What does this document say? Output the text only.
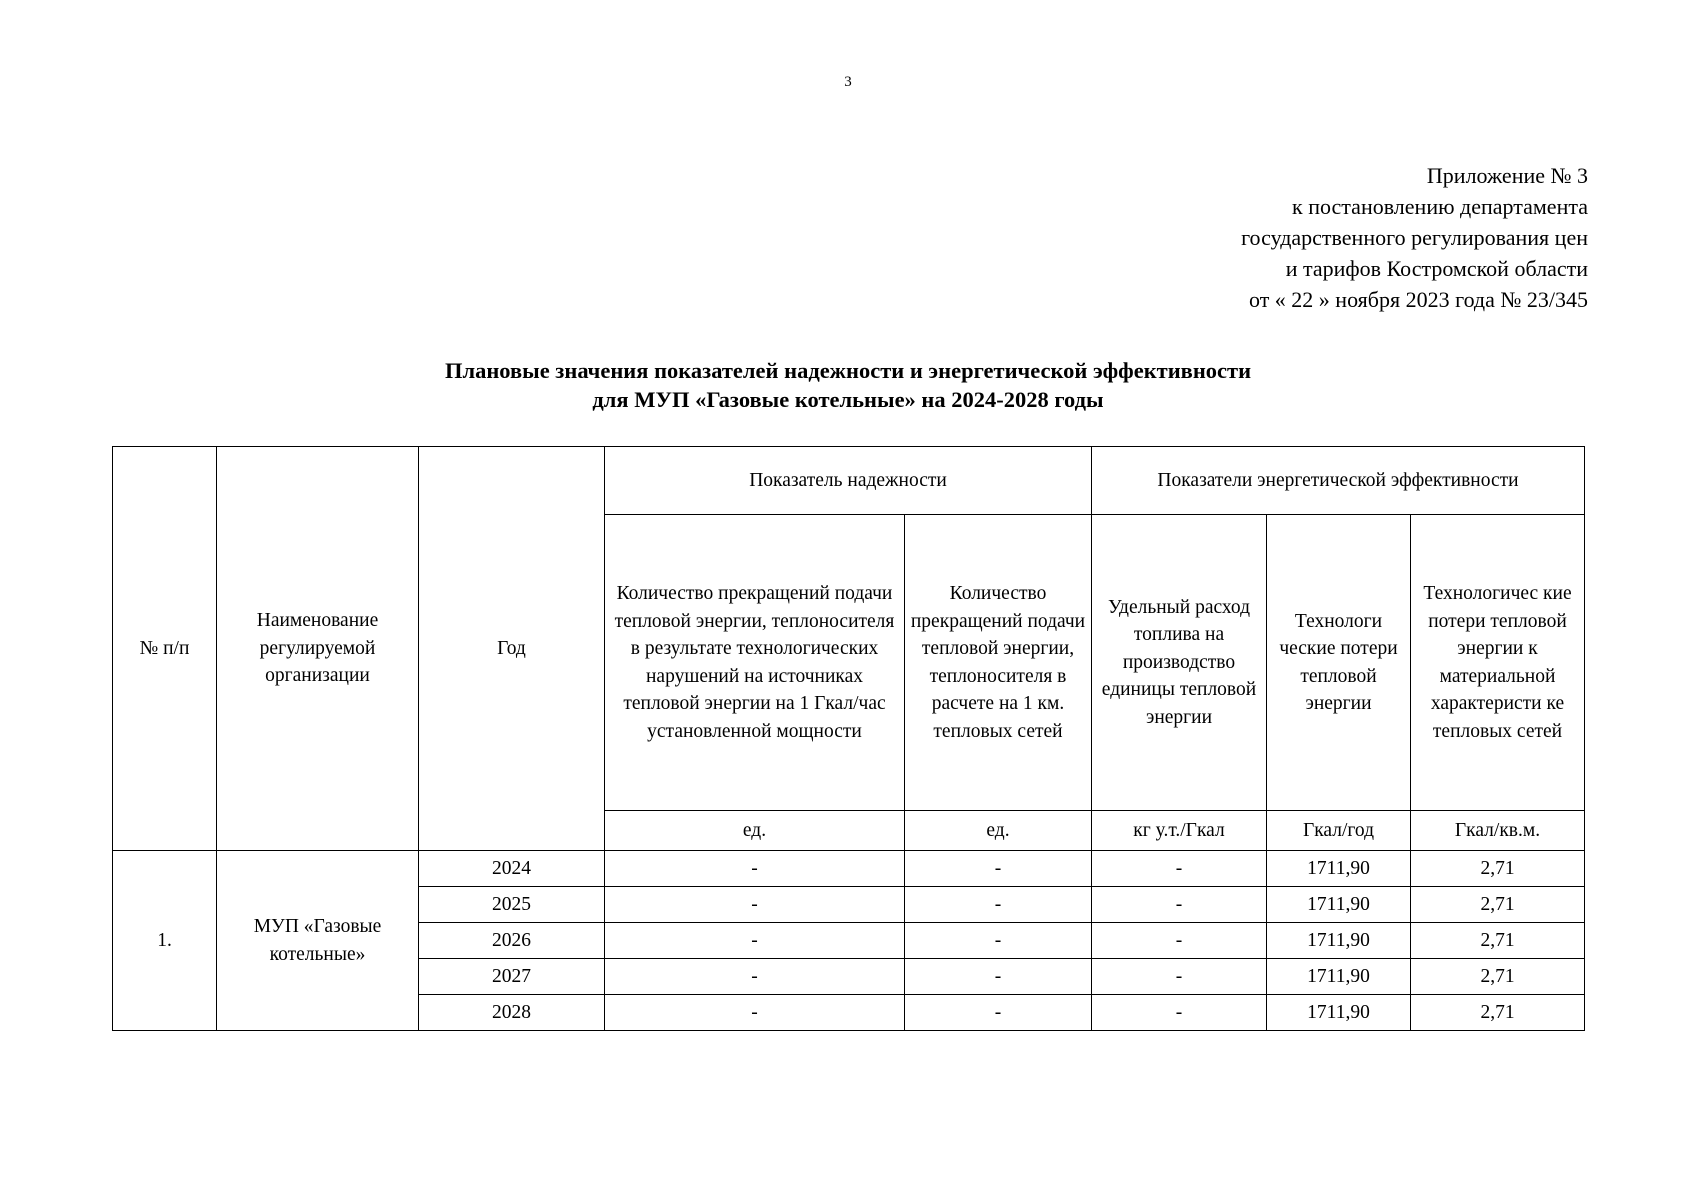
3
Приложение № 3
к постановлению департамента
государственного регулирования цен
и тарифов Костромской области
от « 22 » ноября 2023 года № 23/345
Плановые значения показателей надежности и энергетической эффективности
для МУП «Газовые котельные» на 2024-2028 годы
№ п/п	Наименование регулируемой организации	Год	Показатель надежности		Показатели энергетической эффективности		
			Количество прекращений подачи тепловой энергии, теплоносителя в результате технологических нарушений на источниках тепловой энергии на 1 Гкал/час установленной мощности	Количество прекращений подачи тепловой энергии, теплоносителя в расчете на 1 км. тепловых сетей	Удельный расход топлива на производство единицы тепловой энергии	Технологи ческие потери тепловой энергии	Технологичес кие потери тепловой энергии к материальной характеристи ке тепловых сетей
			ед.	ед.	кг у.т./Гкал	Гкал/год	Гкал/кв.м.
1.	МУП «Газовые котельные»	2024	-	-	-	1711,90	2,71
		2025	-	-	-	1711,90	2,71
		2026	-	-	-	1711,90	2,71
		2027	-	-	-	1711,90	2,71
		2028	-	-	-	1711,90	2,71
